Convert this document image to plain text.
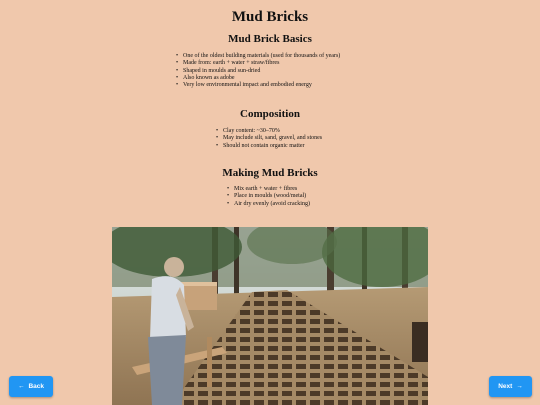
Mud Bricks
Mud Brick Basics
• One of the oldest building materials (used for thousands of years)
• Made from: earth + water + straw/fibres
• Shaped in moulds and sun-dried
• Also known as adobe
• Very low environmental impact and embodied energy
Composition
• Clay content: ~30–70%
• May include silt, sand, gravel, and stones
• Should not contain organic matter
Making Mud Bricks
• Mix earth + water + fibres
• Place in moulds (wood/metal)
• Air dry evenly (avoid cracking)
← Back	Next →
